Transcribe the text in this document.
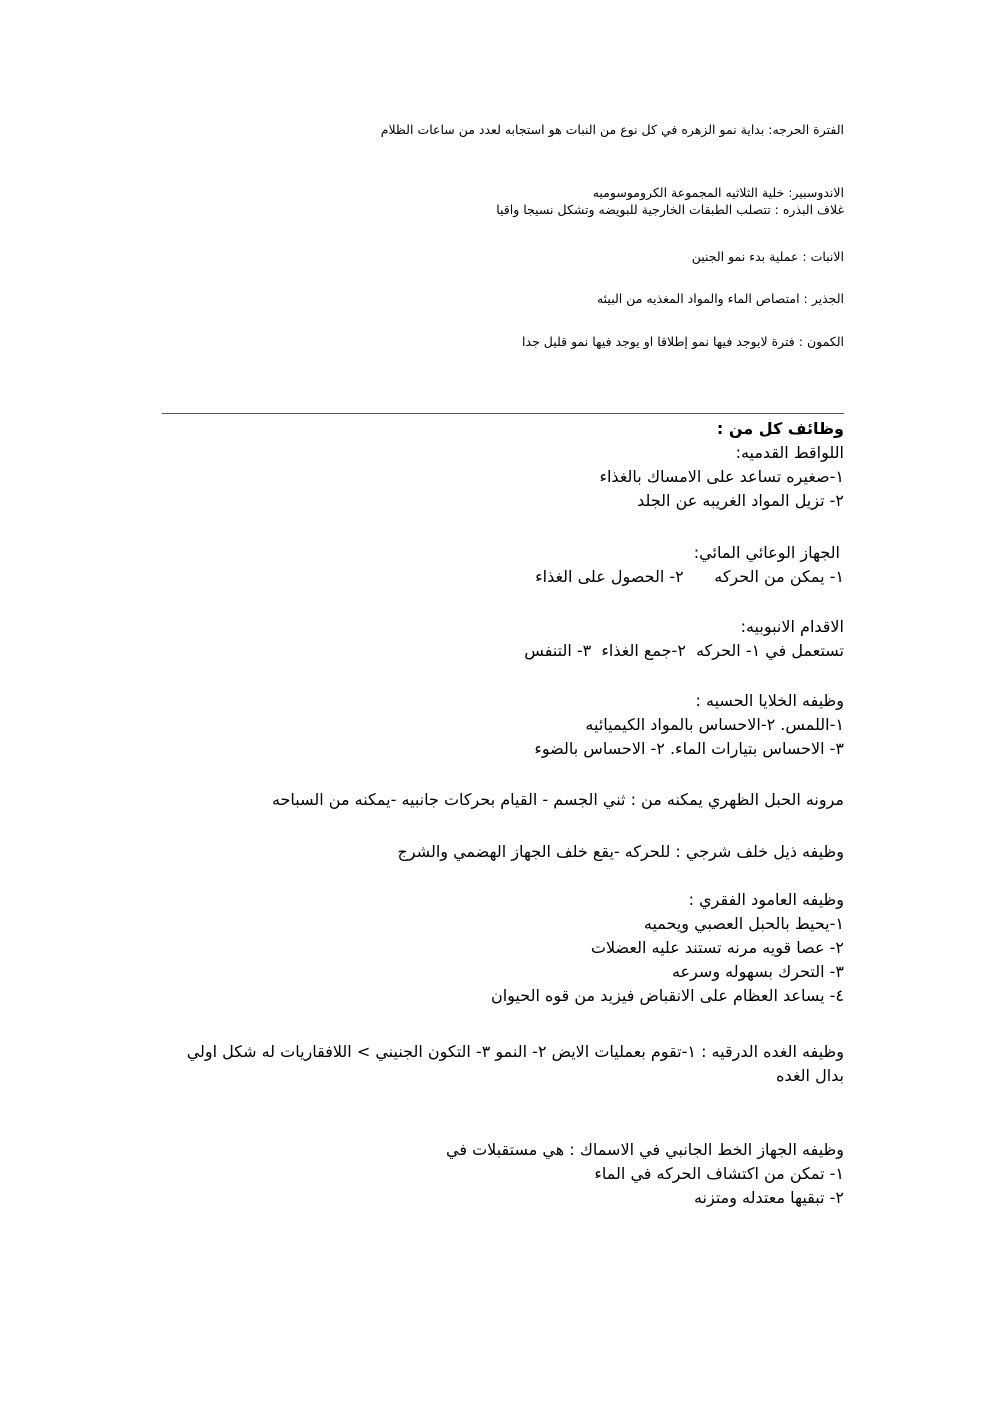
الفترة الحرجه: بداية نمو الزهره في كل نوع من النبات هو استجابه لعدد من ساعات الظلام
الاندوسبير: خلية الثلاثيه المجموعة الكروموسوميه
غلاف البذره : تتصلب الطبقات الخارجية للبويضه وتشكل نسيجا واقيا
الانبات : عملية بدء نمو الجنين
الجذير : امتصاص الماء والمواد المغذيه من البيئه
الكمون : فترة لايوجد فيها نمو إطلاقا او يوجد فيها نمو قليل جدا
وظائف كل من :
اللواقط القدميه:
١-صغيره تساعد على الامساك بالغذاء
٢- تزيل المواد الغريبه عن الجلد
الجهاز الوعائي المائي:
١- يمكن من الحركه      ٢- الحصول على الغذاء
الاقدام الانبوبيه:
تستعمل في ١- الحركه  ٢-جمع الغذاء  ٣- التنفس
وظيفه الخلايا الحسيه :
١-اللمس. ٢-الاحساس بالمواد الكيميائيه
٣- الاحساس بتيارات الماء. ٢- الاحساس بالضوء
مرونه الحبل الظهري يمكنه من : ثني الجسم - القيام بحركات جانبيه -يمكنه من السباحه
وظيفه ذيل خلف شرجي : للحركه -يقع خلف الجهاز الهضمي والشرج
وظيفه العامود الفقري :
١-يحيط بالحبل العصبي ويحميه
٢- عصا قويه مرنه تستند عليه العضلات
٣- التحرك بسهوله وسرعه
٤- يساعد العظام على الانقباض فيزيد من قوه الحيوان
وظيفه الغده الدرقيه : ١-تقوم بعمليات الايض ٢- النمو ٣- التكون الجنيني > اللافقاريات له شكل اولي بدال الغده
وظيفه الجهاز الخط الجانبي في الاسماك : هي مستقبلات في
١- تمكن من اكتشاف الحركه في الماء
٢- تبقيها معتدله ومتزنه
